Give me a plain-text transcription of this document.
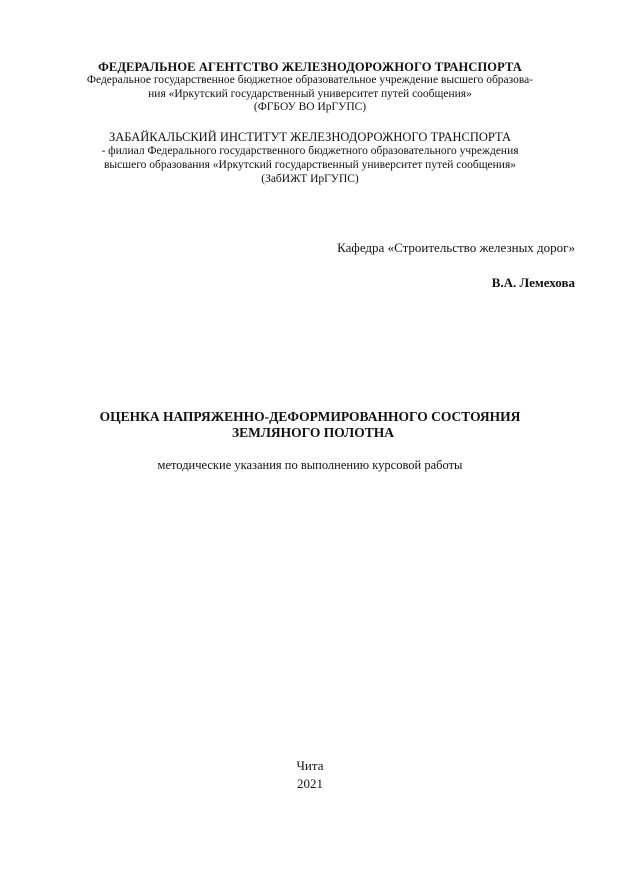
ФЕДЕРАЛЬНОЕ АГЕНТСТВО ЖЕЛЕЗНОДОРОЖНОГО ТРАНСПОРТА
Федеральное государственное бюджетное образовательное учреждение высшего образова-
ния «Иркутский государственный университет путей сообщения»
(ФГБОУ ВО ИрГУПС)
ЗАБАЙКАЛЬСКИЙ ИНСТИТУТ ЖЕЛЕЗНОДОРОЖНОГО ТРАНСПОРТА
- филиал Федерального государственного бюджетного образовательного учреждения
высшего образования «Иркутский государственный университет путей сообщения»
(ЗабИЖТ ИрГУПС)
Кафедра «Строительство железных дорог»
В.А. Лемехова
ОЦЕНКА НАПРЯЖЕННО-ДЕФОРМИРОВАННОГО СОСТОЯНИЯ
ЗЕМЛЯНОГО ПОЛОТНА
методические указания по выполнению курсовой работы
Чита
2021
